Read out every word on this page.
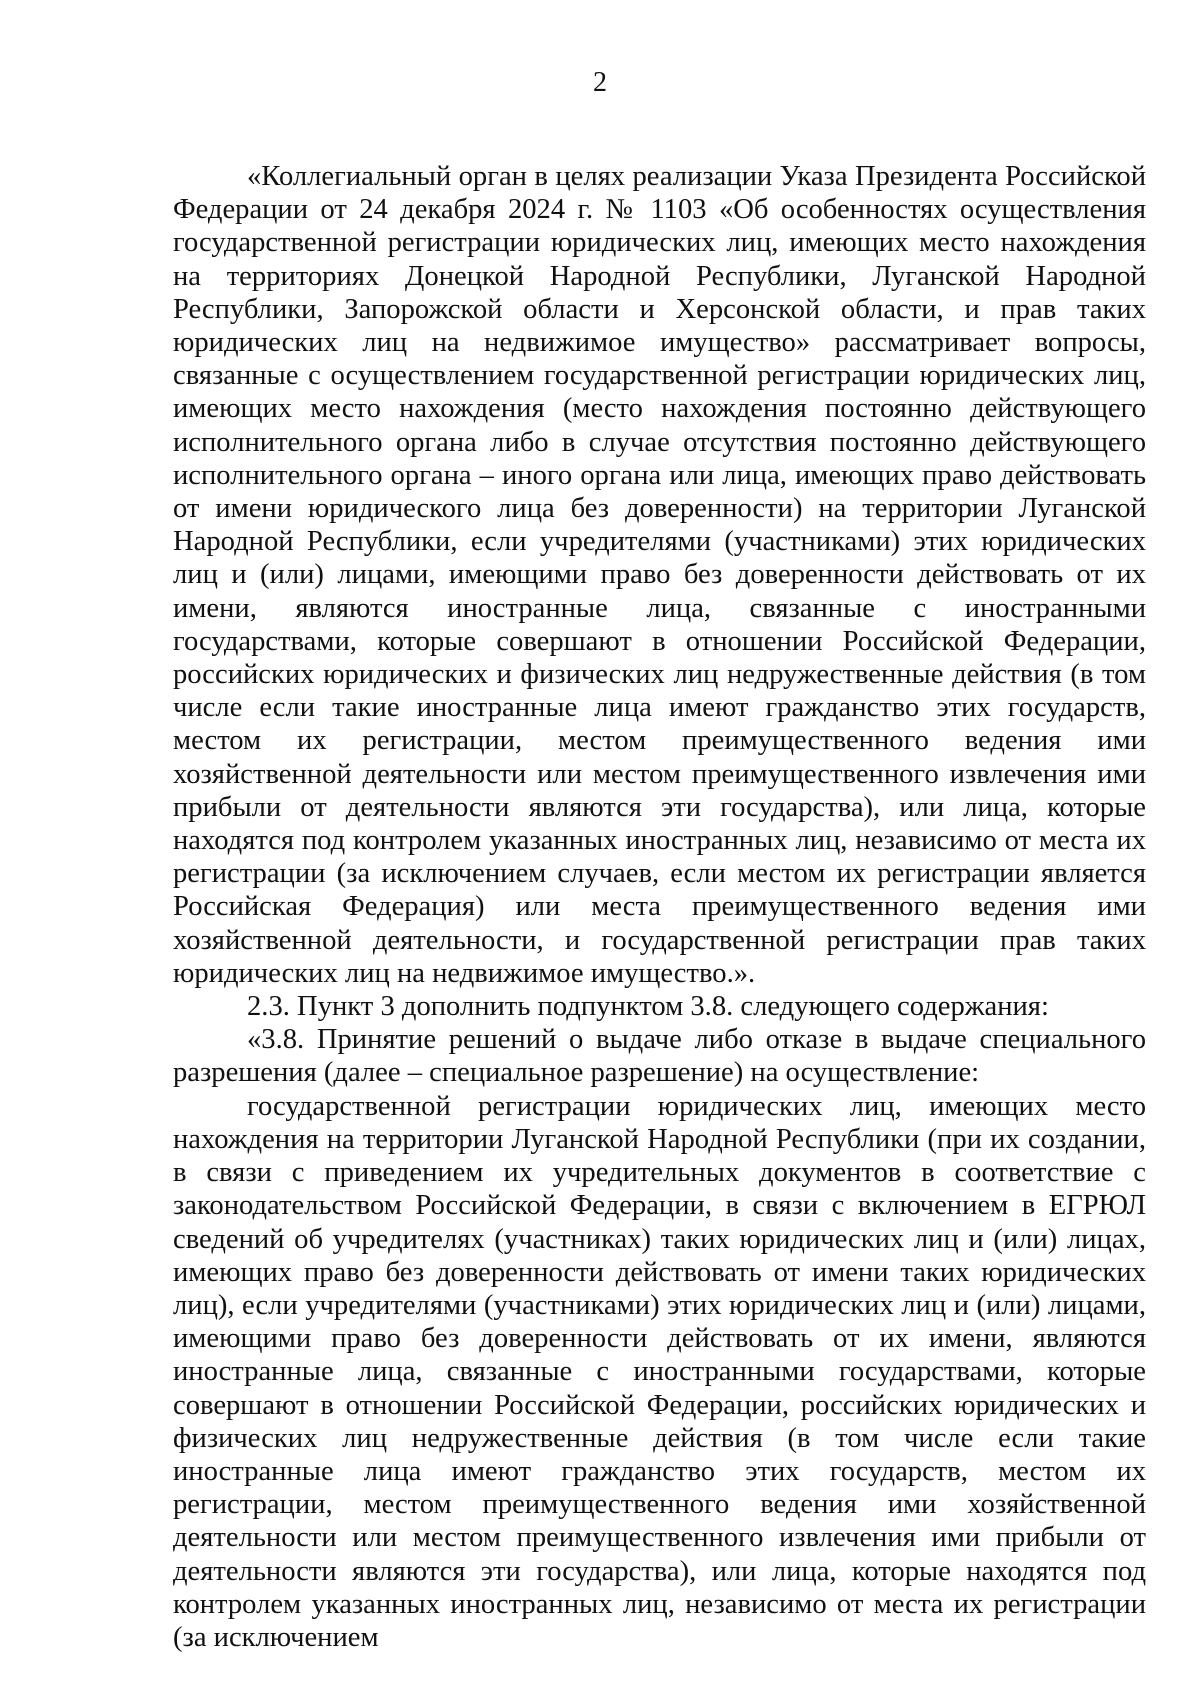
2

«Коллегиальный орган в целях реализации Указа Президента Российской Федерации от 24 декабря 2024 г. № 1103 «Об особенностях осуществления государственной регистрации юридических лиц, имеющих место нахождения на территориях Донецкой Народной Республики, Луганской Народной Республики, Запорожской области и Херсонской области, и прав таких юридических лиц на недвижимое имущество» рассматривает вопросы, связанные с осуществлением государственной регистрации юридических лиц, имеющих место нахождения (место нахождения постоянно действующего исполнительного органа либо в случае отсутствия постоянно действующего исполнительного органа – иного органа или лица, имеющих право действовать от имени юридического лица без доверенности) на территории Луганской Народной Республики, если учредителями (участниками) этих юридических лиц и (или) лицами, имеющими право без доверенности действовать от их имени, являются иностранные лица, связанные с иностранными государствами, которые совершают в отношении Российской Федерации, российских юридических и физических лиц недружественные действия (в том числе если такие иностранные лица имеют гражданство этих государств, местом их регистрации, местом преимущественного ведения ими хозяйственной деятельности или местом преимущественного извлечения ими прибыли от деятельности являются эти государства), или лица, которые находятся под контролем указанных иностранных лиц, независимо от места их регистрации (за исключением случаев, если местом их регистрации является Российская Федерация) или места преимущественного ведения ими хозяйственной деятельности, и государственной регистрации прав таких юридических лиц на недвижимое имущество.».

2.3. Пункт 3 дополнить подпунктом 3.8. следующего содержания:

«3.8. Принятие решений о выдаче либо отказе в выдаче специального разрешения (далее – специальное разрешение) на осуществление:

государственной регистрации юридических лиц, имеющих место нахождения на территории Луганской Народной Республики (при их создании, в связи с приведением их учредительных документов в соответствие с законодательством Российской Федерации, в связи с включением в ЕГРЮЛ сведений об учредителях (участниках) таких юридических лиц и (или) лицах, имеющих право без доверенности действовать от имени таких юридических лиц), если учредителями (участниками) этих юридических лиц и (или) лицами, имеющими право без доверенности действовать от их имени, являются иностранные лица, связанные с иностранными государствами, которые совершают в отношении Российской Федерации, российских юридических и физических лиц недружественные действия (в том числе если такие иностранные лица имеют гражданство этих государств, местом их регистрации, местом преимущественного ведения ими хозяйственной деятельности или местом преимущественного извлечения ими прибыли от деятельности являются эти государства), или лица, которые находятся под контролем указанных иностранных лиц, независимо от места их регистрации (за исключением
